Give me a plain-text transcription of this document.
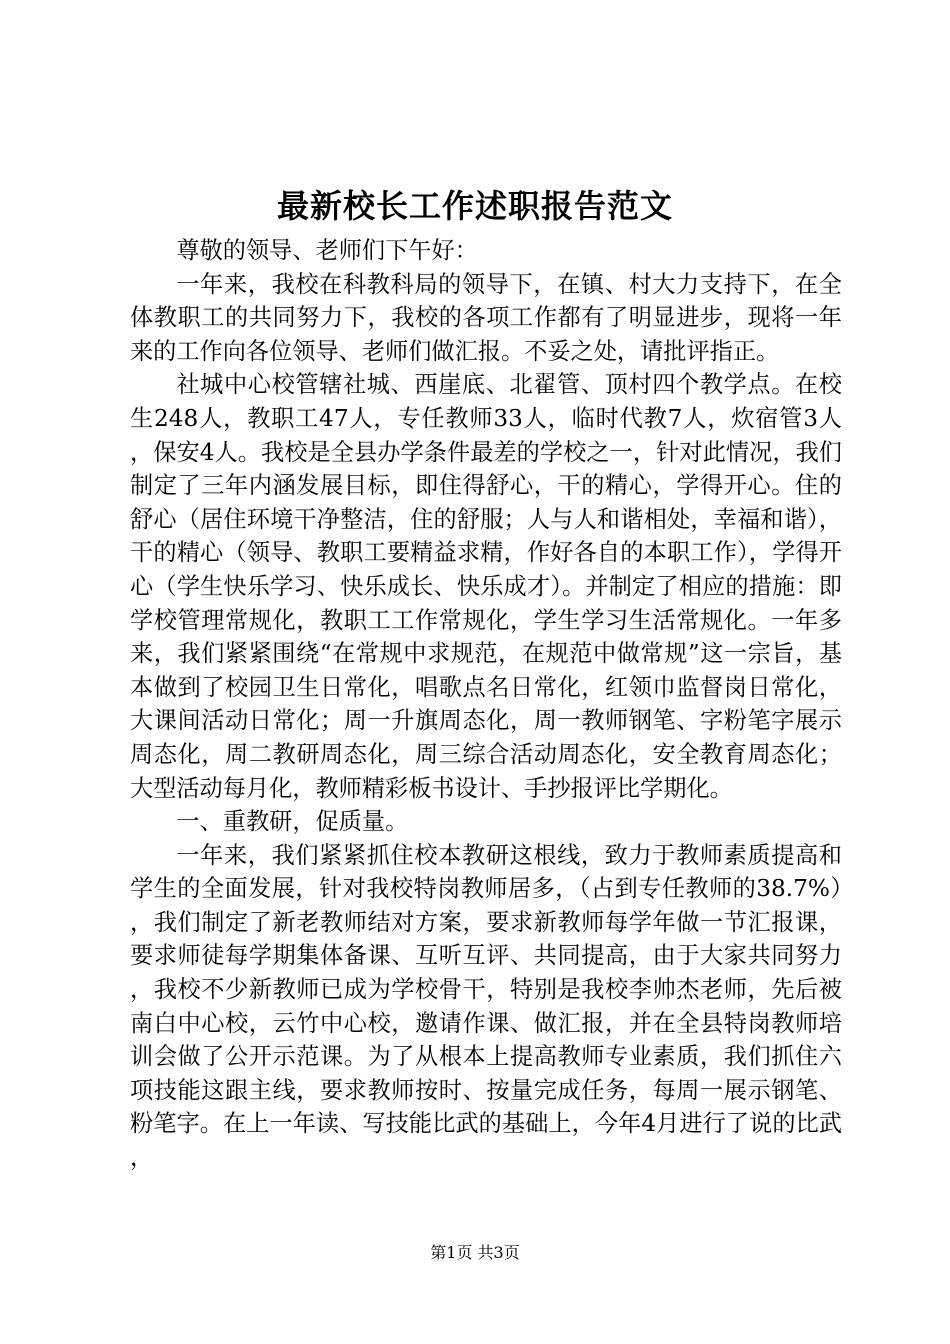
最新校长工作述职报告范文

尊敬的领导、老师们下午好：

一年来，我校在科教科局的领导下，在镇、村大力支持下，在全体教职工的共同努力下，我校的各项工作都有了明显进步，现将一年来的工作向各位领导、老师们做汇报。不妥之处，请批评指正。

社城中心校管辖社城、西崖底、北翟管、顶村四个教学点。在校生248人，教职工47人，专任教师33人，临时代教7人，炊宿管3人，保安4人。我校是全县办学条件最差的学校之一，针对此情况，我们制定了三年内涵发展目标，即住得舒心，干的精心，学得开心。住的舒心（居住环境干净整洁，住的舒服；人与人和谐相处，幸福和谐），干的精心（领导、教职工要精益求精，作好各自的本职工作），学得开心（学生快乐学习、快乐成长、快乐成才）。并制定了相应的措施：即学校管理常规化，教职工工作常规化，学生学习生活常规化。一年多来，我们紧紧围绕“在常规中求规范，在规范中做常规”这一宗旨，基本做到了校园卫生日常化，唱歌点名日常化，红领巾监督岗日常化，大课间活动日常化；周一升旗周态化，周一教师钢笔、字粉笔字展示周态化，周二教研周态化，周三综合活动周态化，安全教育周态化；大型活动每月化，教师精彩板书设计、手抄报评比学期化。

一、重教研，促质量。

一年来，我们紧紧抓住校本教研这根线，致力于教师素质提高和学生的全面发展，针对我校特岗教师居多，（占到专任教师的38.7%），我们制定了新老教师结对方案，要求新教师每学年做一节汇报课，要求师徒每学期集体备课、互听互评、共同提高，由于大家共同努力，我校不少新教师已成为学校骨干，特别是我校李帅杰老师，先后被南白中心校，云竹中心校，邀请作课、做汇报，并在全县特岗教师培训会做了公开示范课。为了从根本上提高教师专业素质，我们抓住六项技能这跟主线，要求教师按时、按量完成任务，每周一展示钢笔、粉笔字。在上一年读、写技能比武的基础上，今年4月进行了说的比武，

第1页 共3页
